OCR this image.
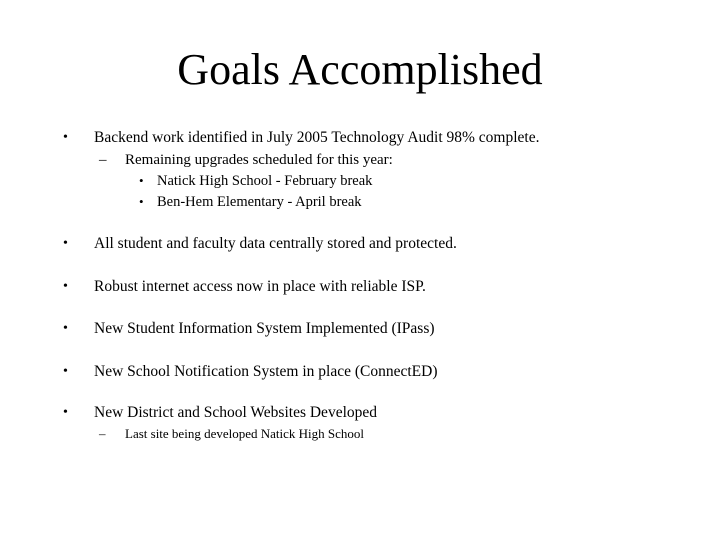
Goals Accomplished
•	Backend work identified in July 2005 Technology Audit 98% complete.
– Remaining upgrades scheduled for this year:
• Natick High School - February break
• Ben-Hem Elementary - April break
•	All student and faculty data centrally stored and protected.
•	Robust internet access now in place with reliable ISP.
•	New Student Information System Implemented (IPass)
•	New School Notification System in place (ConnectED)
•	New District and School Websites Developed
– Last site being developed Natick High School
